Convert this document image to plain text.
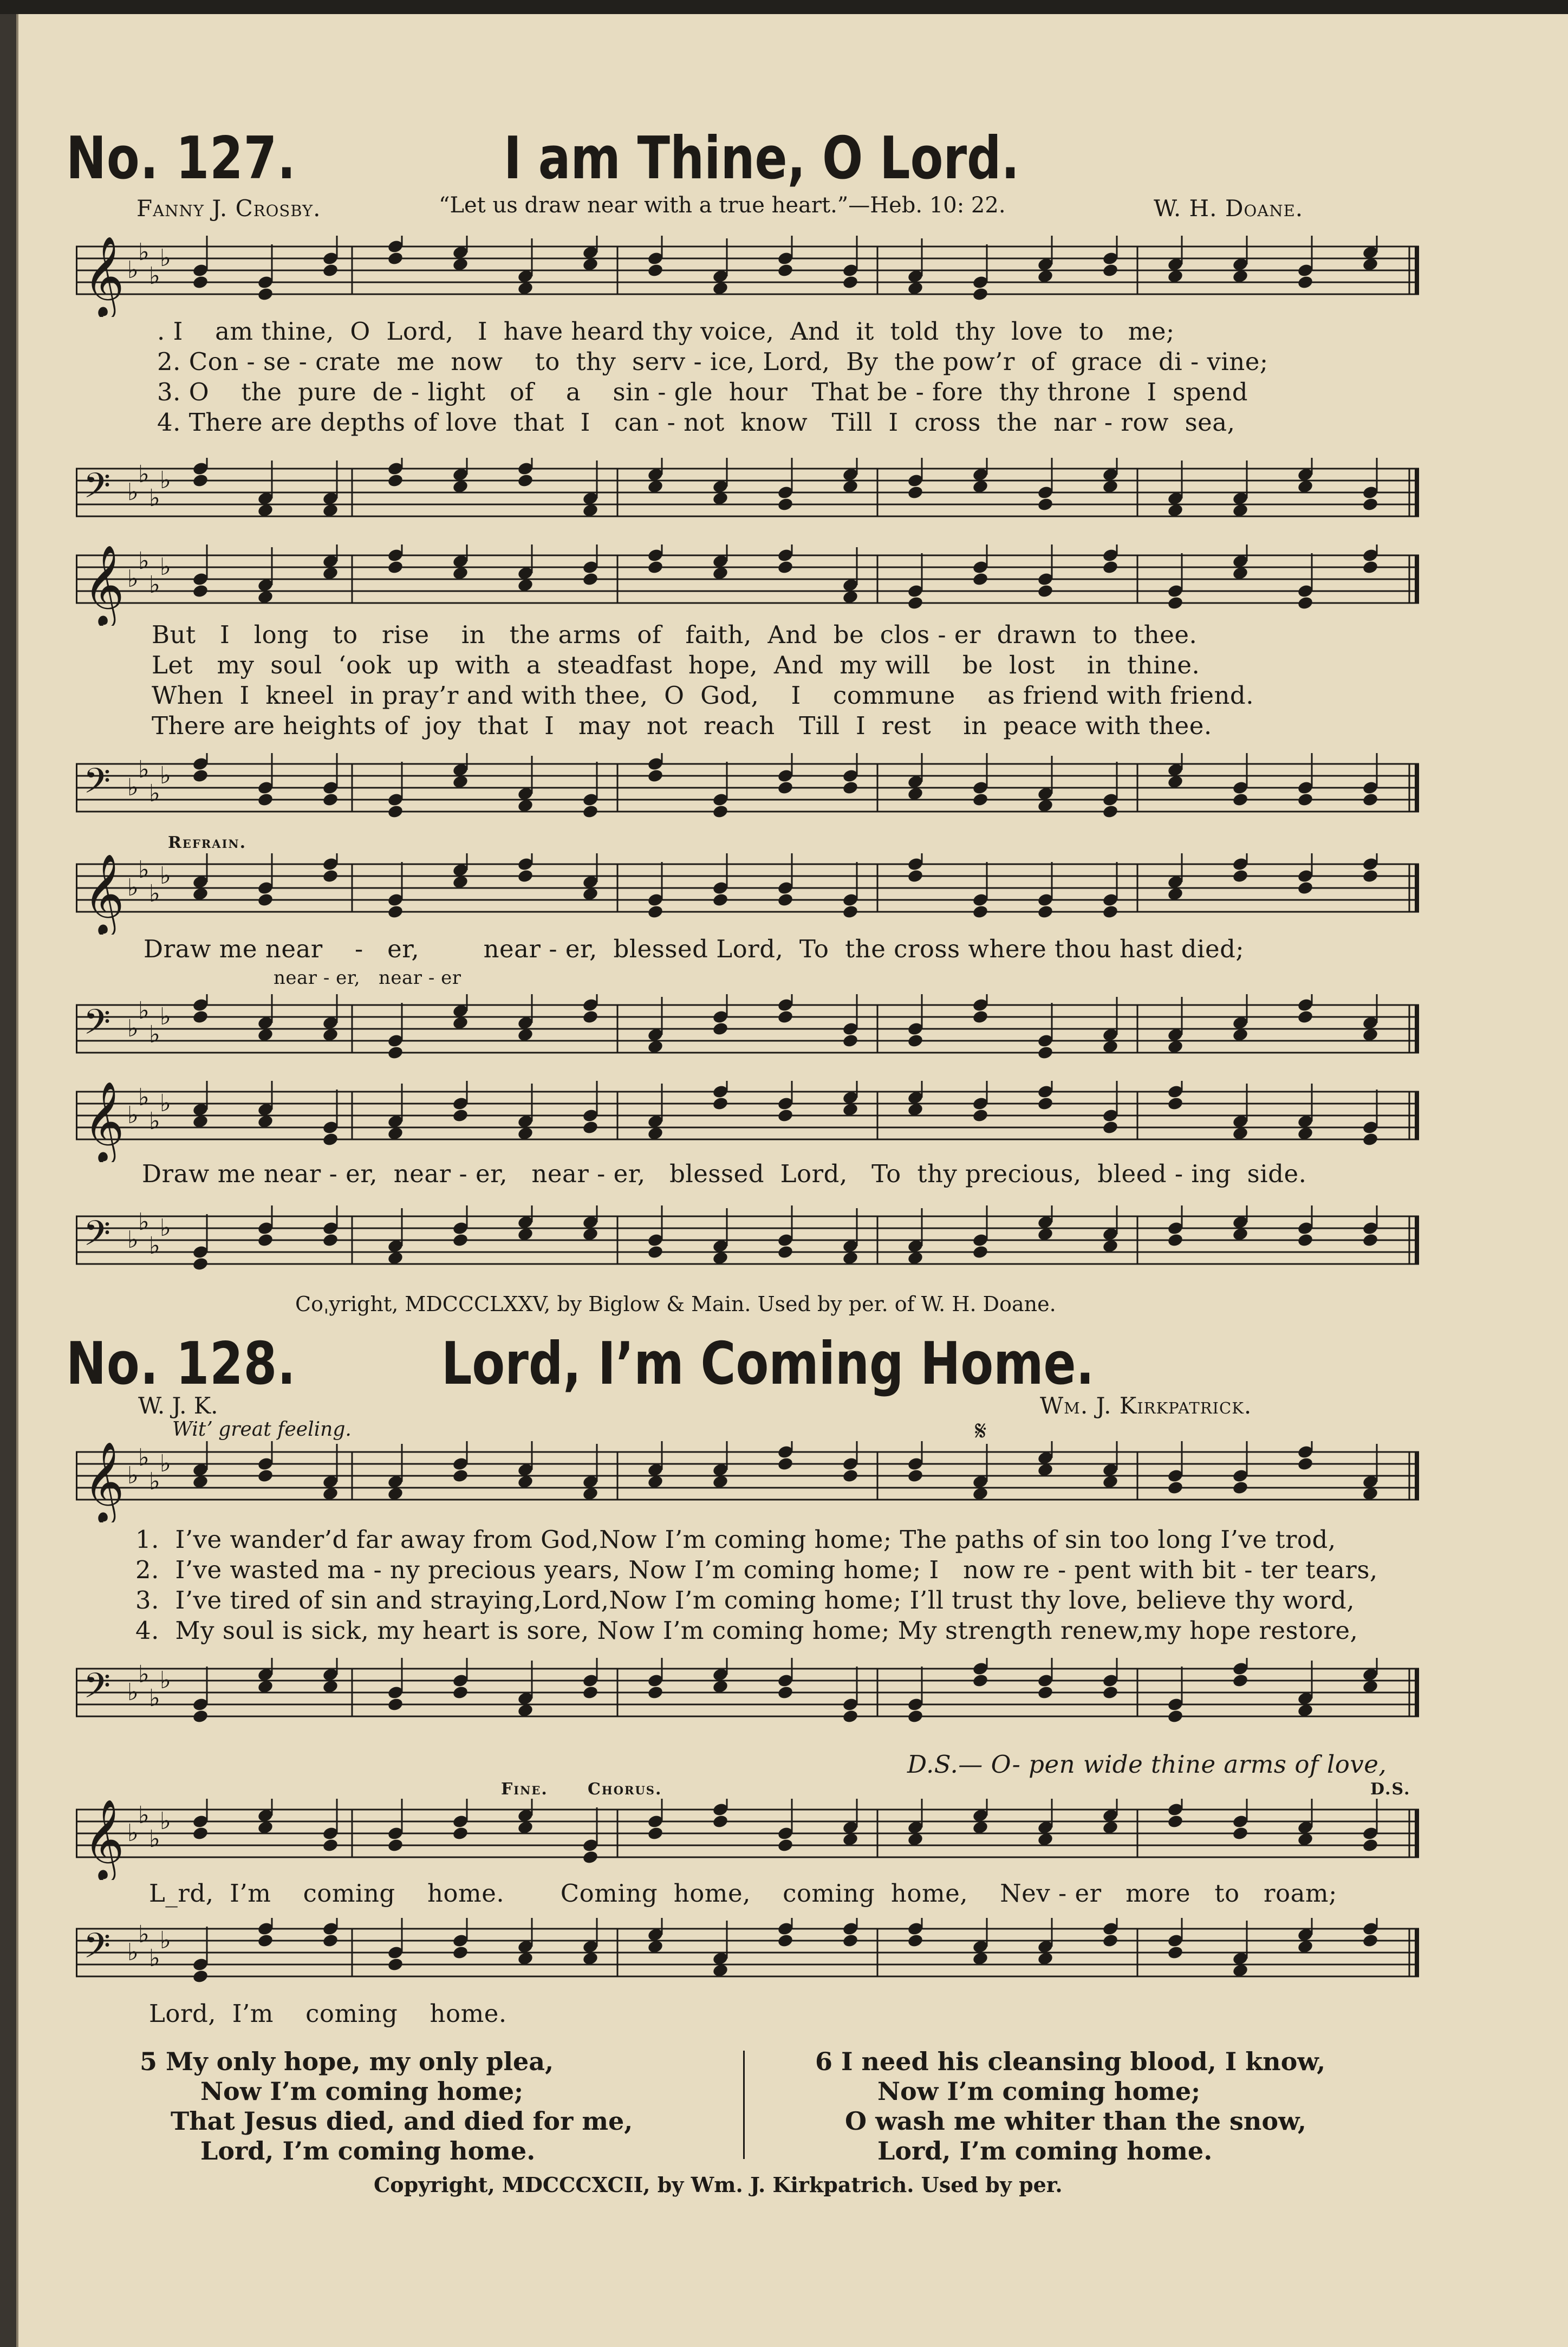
No. 127.	I am Thine, O Lord.
Fanny J. Crosby.	“Let us draw near with a true heart.”—Heb. 10: 22.	W. H. Doane.
𝄞 ♭
♭
♭
♭
. I    am thine,  O  Lord,   I  have heard thy voice,  And  it  told  thy  love  to   me;
2. Con - se - crate  me  now    to  thy  serv - ice, Lord,  By  the pow’r  of  grace  di - vine;
3. O    the  pure  de - light   of    a    sin - gle  hour   That be - fore  thy throne  I  spend
4. There are depths of love  that  I   can - not  know   Till  I  cross  the  nar - row  sea,
𝄢 ♭
♭
♭
♭
𝄞 ♭
♭
♭
♭
But   I   long   to   rise    in   the arms  of   faith,  And  be  clos - er  drawn  to  thee.
Let   my  soul  ‘ook  up  with  a  steadfast  hope,  And  my will    be  lost    in  thine.
When  I  kneel  in pray’r and with thee,  O  God,    I    commune    as friend with friend.
There are heights of  joy  that  I   may  not  reach   Till  I  rest    in  peace with thee.
𝄢 ♭
♭
♭
♭
Refrain.
𝄞 ♭
♭
♭
♭
Draw me near    -   er,        near - er,  blessed Lord,  To  the cross where thou hast died;
near - er,   near - er
𝄢 ♭
♭
♭
♭
𝄞 ♭
♭
♭
♭
Draw me near - er,  near - er,   near - er,   blessed  Lord,   To  thy precious,  bleed - ing  side.
𝄢 ♭
♭
♭
♭
Coˌyright, MDCCCLXXV, by Biglow & Main. Used by per. of W. H. Doane.
No. 128. Lord, I’m Coming Home.
W. J. K.	Wm. J. Kirkpatrick.
Witʼ great feeling.	𝄋
𝄞 ♭
♭
♭
♭
1.  I’ve wander’d far away from God,Now I’m coming home; The paths of sin too long I’ve trod,
2.  I’ve wasted ma - ny precious years, Now I’m coming home; I   now re - pent with bit - ter tears,
3.  I’ve tired of sin and straying,Lord,Now I’m coming home; I’ll trust thy love, believe thy word,
4.  My soul is sick, my heart is sore, Now I’m coming home; My strength renew,my hope restore,
𝄢 ♭
♭
♭
♭
D.S.— O- pen wide thine arms of love,
Fine. Chorus.	D.S.
𝄞 ♭
♭
♭
♭
L_rd,  I’m    coming    home.       Coming  home,    coming  home,    Nev - er   more   to   roam;
𝄢 ♭
♭
♭
♭
Lord,  I’m    coming    home.
5 My only hope, my only plea,
Now I’m coming home;
That Jesus died, and died for me,
Lord, I’m coming home.
6 I need his cleansing blood, I know,
Now I’m coming home;
O wash me whiter than the snow,
Lord, I’m coming home.
Copyright, MDCCCXCII, by Wm. J. Kirkpatrich. Used by per.
